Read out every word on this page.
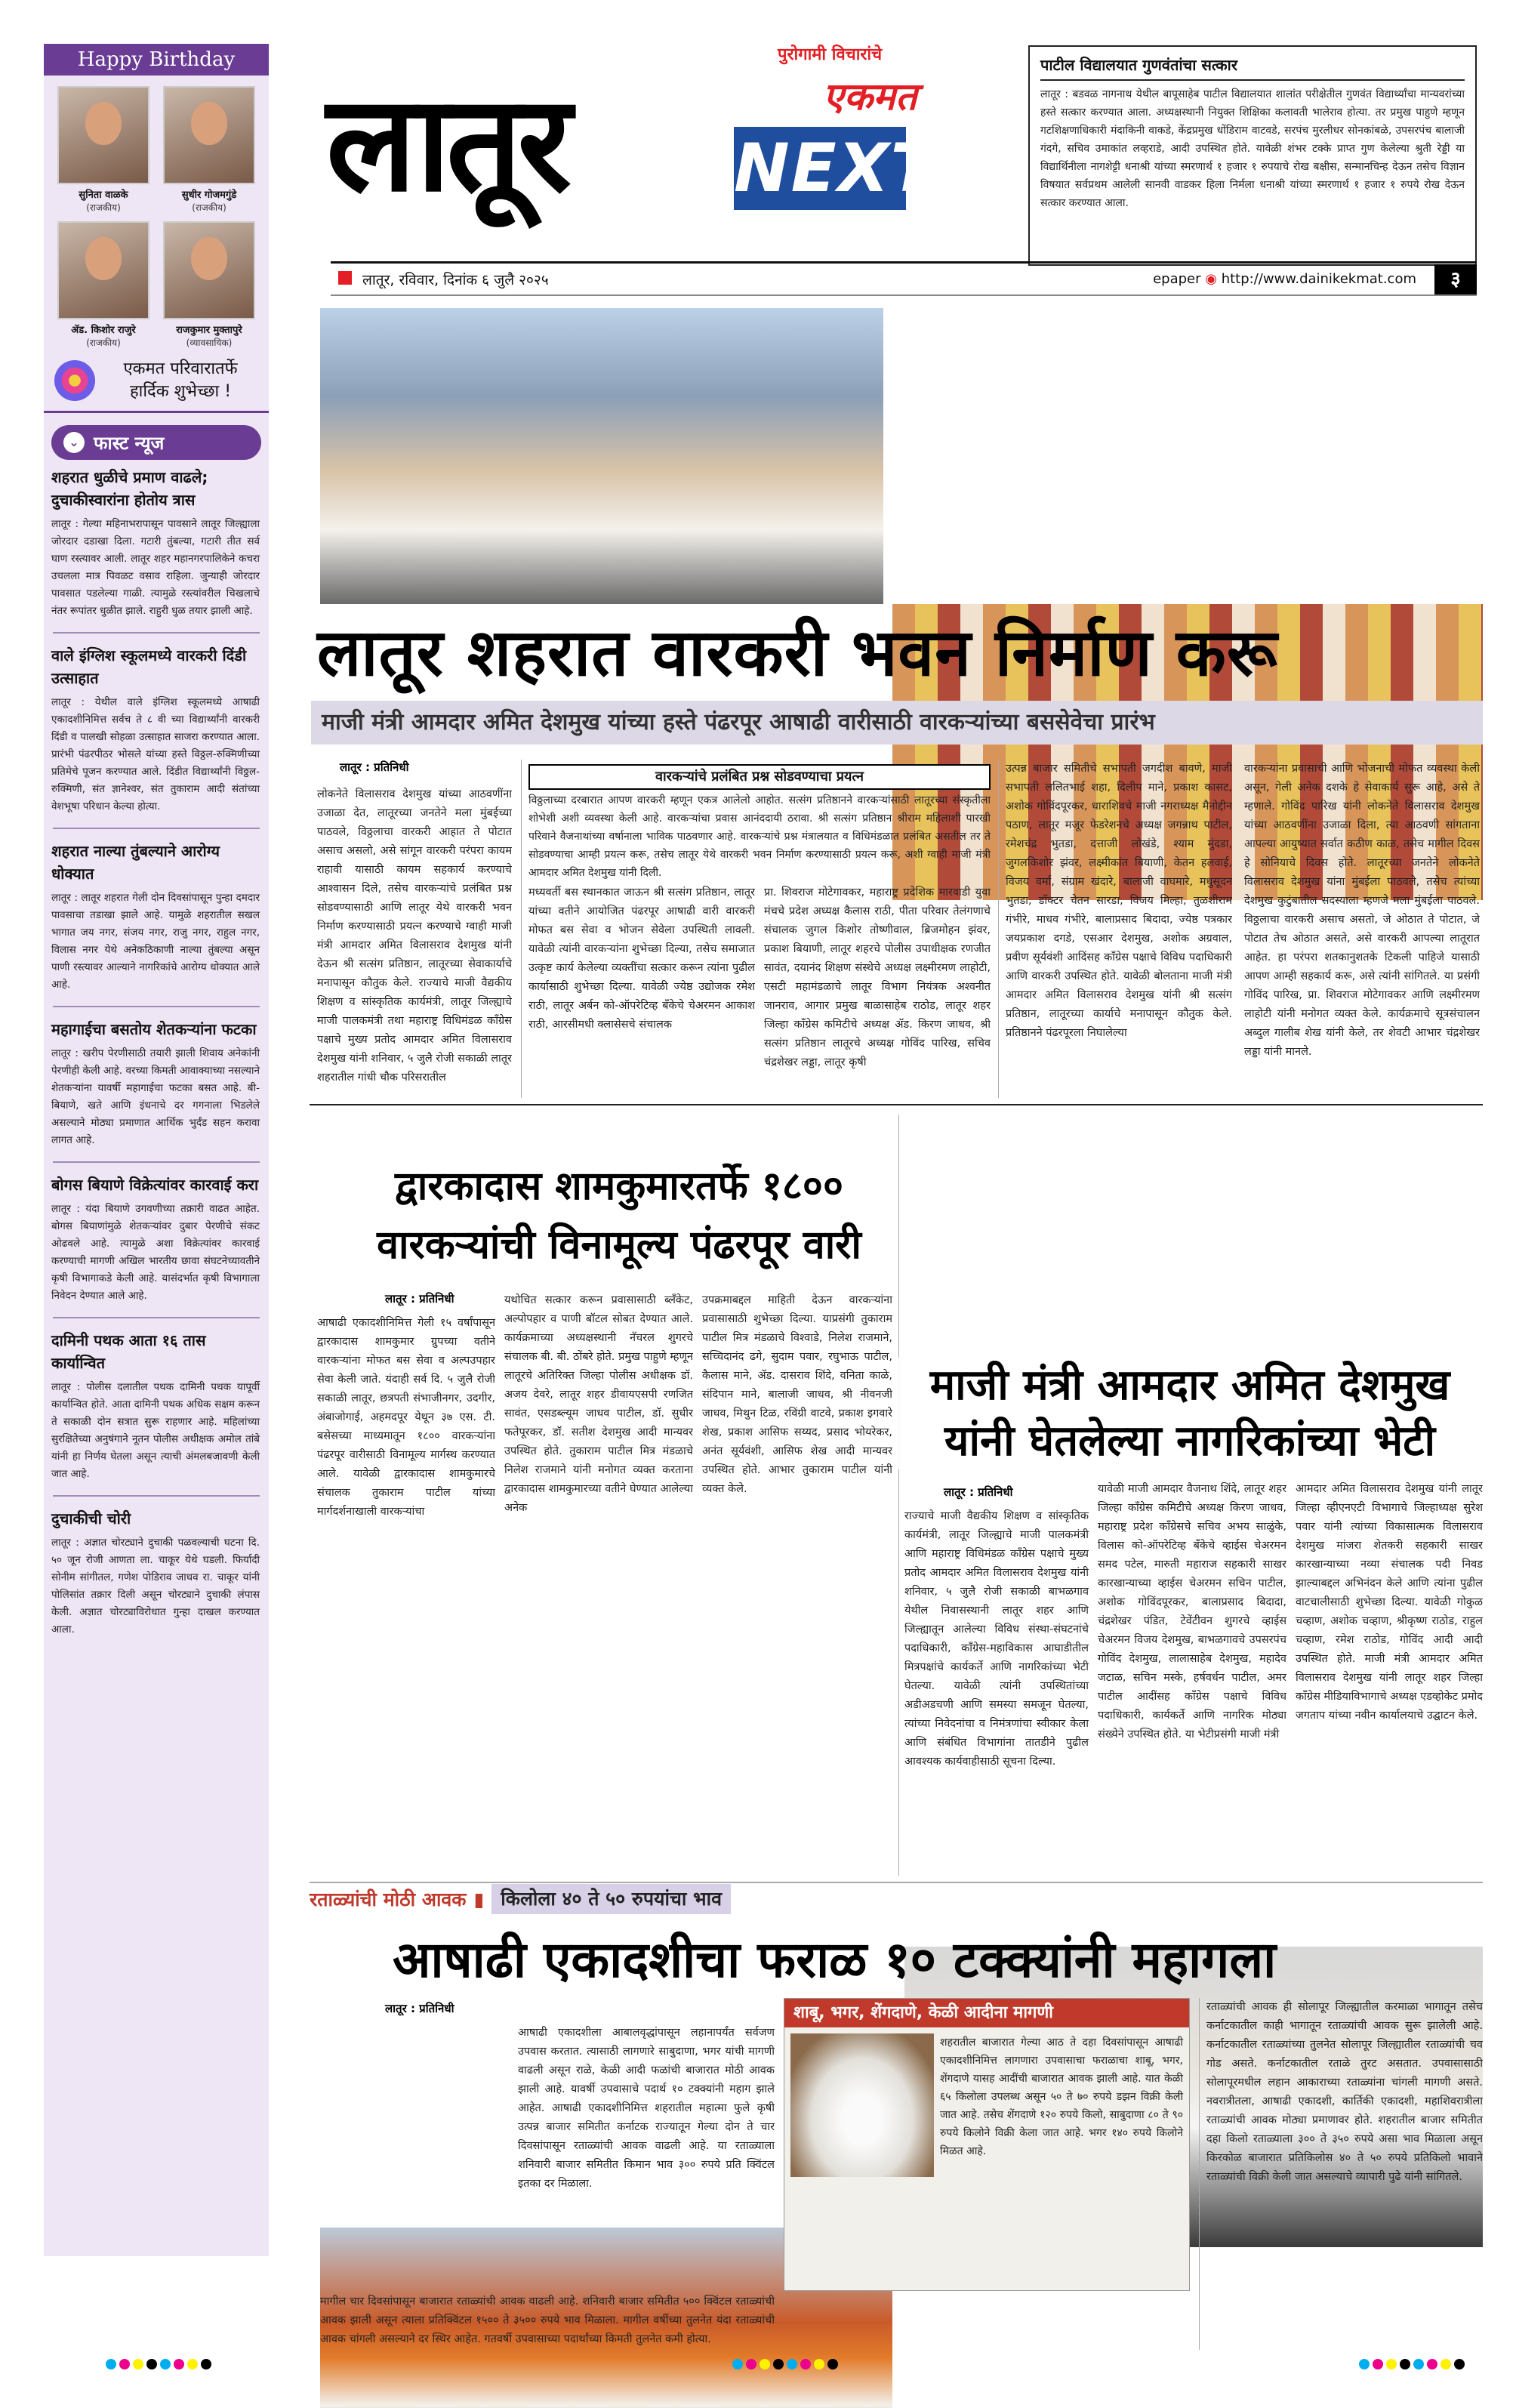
Happy Birthday
सुनिता वाळके
(राजकीय)
सुधीर गोजमगुंडे
(राजकीय)
ॲड. किशोर राजुरे
(राजकीय)
राजकुमार मुक्तापुरे
(व्यावसायिक)
एकमत परिवारातर्फे हार्दिक शुभेच्छा !
⌄ फास्ट न्यूज
शहरात धुळीचे प्रमाण वाढले; दुचाकीस्वारांना होतोय त्रास
लातूर : गेल्या महिनाभरापासून पावसाने लातूर जिल्ह्याला जोरदार दडाखा दिला. गटारी तुंबल्या, गटारी तीत सर्व घाण रस्त्यावर आली. लातूर शहर महानगरपालिकेने कचरा उचलला मात्र पिवळट वसाव राहिला. जुन्याही जोरदार पावसात पडलेल्या गाळी. त्यामुळे रस्त्यांवरील चिखलाचे नंतर रूपांतर धुळीत झाले. राहुरी धुळ तयार झाली आहे.
वाले इंग्लिश स्कूलमध्ये वारकरी दिंडी उत्साहात
लातूर : येथील वाले इंग्लिश स्कूलमध्ये आषाढी एकादशीनिमित्त सर्वच ते ८ वी च्या विद्यार्थ्यांनी वारकरी दिंडी व पालखी सोहळा उत्साहात साजरा करण्यात आला. प्रारंभी पंढरपीठर भोसले यांच्या हस्ते विठ्ठल-रुक्मिणीच्या प्रतिमेचे पूजन करण्यात आले. दिंडीत विद्यार्थ्यांनी विठ्ठल-रुक्मिणी, संत ज्ञानेश्वर, संत तुकाराम आदी संतांच्या वेशभूषा परिधान केल्या होत्या.
शहरात नाल्या तुंबल्याने आरोग्य धोक्यात
लातूर : लातूर शहरात गेली दोन दिवसांपासून पुन्हा दमदार पावसाचा तडाखा झाले आहे. यामुळे शहरातील सखल भागात जय नगर, संजय नगर, राजु नगर, राहुल नगर, विलास नगर येथे अनेकठिकाणी नाल्या तुंबल्या असून पाणी रस्त्यावर आल्याने नागरिकांचे आरोग्य धोक्यात आले आहे.
महागाईचा बसतोय शेतकऱ्यांना फटका
लातूर : खरीप पेरणीसाठी तयारी झाली शिवाय अनेकांनी पेरणीही केली आहे. वरच्या किमती आवाक्याच्या नसल्याने शेतकऱ्यांना यावर्षी महागाईचा फटका बसत आहे. बी-बियाणे, खते आणि इंधनाचे दर गगनाला भिडलेले असल्याने मोठ्या प्रमाणात आर्थिक भुर्दंड सहन करावा लागत आहे.
बोगस बियाणे विक्रेत्यांवर कारवाई करा
लातूर : यंदा बियाणे उगवणीच्या तक्रारी वाढत आहेत. बोगस बियाणांमुळे शेतकऱ्यांवर दुबार पेरणीचे संकट ओढवले आहे. त्यामुळे अशा विक्रेत्यांवर कारवाई करण्याची मागणी अखिल भारतीय छावा संघटनेच्यावतीने कृषी विभागाकडे केली आहे. यासंदर्भात कृषी विभागाला निवेदन देण्यात आले आहे.
दामिनी पथक आता १६ तास कार्यान्वित
लातूर : पोलीस दलातील पथक दामिनी पथक यापूर्वी कार्यान्वित होते. आता दामिनी पथक अधिक सक्षम करून ते सकाळी दोन सत्रात सुरू राहणार आहे. महिलांच्या सुरक्षितेच्या अनुषंगाने नूतन पोलीस अधीक्षक अमोल तांबे यांनी हा निर्णय घेतला असून त्याची अंमलबजावणी केली जात आहे.
दुचाकीची चोरी
लातूर : अज्ञात चोरट्याने दुचाकी पळवल्याची घटना दि. ५० जून रोजी आणता ला. चाकूर येथे घडली. फिर्यादी सोनीम सांगीतल, गणेश पोडिराव जाधव रा. चाकूर यांनी पोलिसांत तक्रार दिली असून चोरट्याने दुचाकी लंपास केली. अज्ञात चोरट्याविरोधात गुन्हा दाखल करण्यात आला.
लातूर
पुरोगामी विचारांचे
एकमत
NEXT
पाटील विद्यालयात गुणवंतांचा सत्कार
लातूर : बडवळ नागनाथ येथील बापूसाहेब पाटील विद्यालयात शालांत परीक्षेतील गुणवंत विद्यार्थ्यांचा मान्यवरांच्या हस्ते सत्कार करण्यात आला. अध्यक्षस्थानी नियुक्त शिक्षिका कलावती भालेराव होत्या. तर प्रमुख पाहुणे म्हणून गटशिक्षणाधिकारी मंदाकिनी वाकडे, केंद्रप्रमुख धोंडिराम वाटवडे, सरपंच मुरलीधर सोनकांबळे, उपसरपंच बालाजी गंदगे, सचिव उमाकांत लव्हराडे, आदी उपस्थित होते. यावेळी शंभर टक्के प्राप्त गुण केलेल्या श्रुती रेड्डी या विद्यार्थिनीला नागशेट्टी धनाश्री यांच्या स्मरणार्थ १ हजार १ रुपयाचे रोख बक्षीस, सन्मानचिन्ह देऊन तसेच विज्ञान विषयात सर्वप्रथम आलेली सानवी वाडकर हिला निर्मला धनाश्री यांच्या स्मरणार्थ १ हजार १ रुपये रोख देऊन सत्कार करण्यात आला.
लातूर, रविवार, दिनांक ६ जुलै २०२५	epaper ◉ http://www.dainikekmat.com	३
लातूर शहरात वारकरी भवन निर्माण करू
माजी मंत्री आमदार अमित देशमुख यांच्या हस्ते पंढरपूर आषाढी वारीसाठी वारकऱ्यांच्या बससेवेचा प्रारंभ
लातूर : प्रतिनिधी
लोकनेते विलासराव देशमुख यांच्या आठवणींना उजाळा देत, लातूरच्या जनतेने मला मुंबईच्या पाठवले, विठ्ठलाचा वारकरी आहात ते पोटात असाच असलो, असे सांगून वारकरी परंपरा कायम राहावी यासाठी कायम सहकार्य करण्याचे आश्वासन दिले, तसेच वारकऱ्यांचे प्रलंबित प्रश्न सोडवण्यासाठी आणि लातूर येथे वारकरी भवन निर्माण करण्यासाठी प्रयत्न करण्याचे ग्वाही माजी मंत्री आमदार अमित विलासराव देशमुख यांनी देऊन श्री सत्संग प्रतिष्ठान, लातूरच्या सेवाकार्याचे मनापासून कौतुक केले. राज्याचे माजी वैद्यकीय शिक्षण व सांस्कृतिक कार्यमंत्री, लातूर जिल्ह्याचे माजी पालकमंत्री तथा महाराष्ट्र विधिमंडळ काँग्रेस पक्षाचे मुख्य प्रतोद आमदार अमित विलासराव देशमुख यांनी शनिवार, ५ जुलै रोजी सकाळी लातूर शहरातील गांधी चौक परिसरातील
वारकऱ्यांचे प्रलंबित प्रश्न सोडवण्याचा प्रयत्न
विठ्ठलाच्या दरबारात आपण वारकरी म्हणून एकत्र आलेलो आहोत. सत्संग प्रतिष्ठानने वारकऱ्यांसाठी लातूरच्या संस्कृतीला शोभेशी अशी व्यवस्था केली आहे. वारकऱ्यांचा प्रवास आनंददायी ठरावा. श्री सत्संग प्रतिष्ठान श्रीराम महिलाशी पारखी परिवाने वैजनाथांच्या वर्षानाला भाविक पाठवणार आहे. वारकऱ्यांचे प्रश्न मंत्रालयात व विधिमंडळात प्रलंबित असतील तर ते सोडवण्याचा आम्ही प्रयत्न करू, तसेच लातूर येथे वारकरी भवन निर्माण करण्यासाठी प्रयत्न करू, अशी ग्वाही माजी मंत्री आमदार अमित देशमुख यांनी दिली.
मध्यवर्ती बस स्थानकात जाऊन श्री सत्संग प्रतिष्ठान, लातूर यांच्या वतीने आयोजित पंढरपूर आषाढी वारी वारकरी मोफत बस सेवा व भोजन सेवेला उपस्थिती लावली. यावेळी त्यांनी वारकऱ्यांना शुभेच्छा दिल्या, तसेच समाजात उत्कृष्ट कार्य केलेल्या व्यक्तींचा सत्कार करून त्यांना पुढील कार्यासाठी शुभेच्छा दिल्या. यावेळी ज्येष्ठ उद्योजक रमेश राठी, लातूर अर्बन को-ऑपरेटिव्ह बँकेचे चेअरमन आकाश राठी, आरसीमधी क्लासेसचे संचालक
प्रा. शिवराज मोटेगावकर, महाराष्ट्र प्रदेशिक मारवाडी युवा मंचचे प्रदेश अध्यक्ष कैलास राठी, पीता परिवार तेलंगणाचे संचालक जुगल किशोर तोष्णीवाल, ब्रिजमोहन झंवर, प्रकाश बियाणी, लातूर शहरचे पोलीस उपाधीक्षक रणजीत सावंत, दयानंद शिक्षण संस्थेचे अध्यक्ष लक्ष्मीरमण लाहोटी, एसटी महामंडळाचे लातूर विभाग नियंत्रक अश्वनीत जानराव, आगार प्रमुख बाळासाहेब राठोड, लातूर शहर जिल्हा काँग्रेस कमिटीचे अध्यक्ष ॲड. किरण जाधव, श्री सत्संग प्रतिष्ठान लातूरचे अध्यक्ष गोविंद पारिख, सचिव चंद्रशेखर लड्डा, लातूर कृषी
उत्पन्न बाजार समितीचे सभापती जगदीश बावणे, माजी सभापती ललितभाई शहा, दिलीप माने, प्रकाश कासट, अशोक गोविंदपूरकर, धाराशिवचे माजी नगराध्यक्ष मैनोद्दीन पठाण, लातूर मजूर फेडरेशनचे अध्यक्ष जगन्नाथ पाटील, रमेशचंद्र भुतडा, दत्ताजी लोखंडे, श्याम मुंदडा, जुगलकिशोर झंवर, लक्ष्मीकांत बियाणी, केतन हलवाई, विजय वर्मा, संग्राम खंदारे, बालाजी वाघमारे, मधुसूदन भुतडा, डॉक्टर चेतन सारडा, विजय मिल्हा, तुळशीराम गंभीरे, माधव गंभीरे, बालाप्रसाद बिदादा, ज्येष्ठ पत्रकार जयप्रकाश दगडे, एसआर देशमुख, अशोक अग्रवाल, प्रवीण सूर्यवंशी आदिंसह काँग्रेस पक्षाचे विविध पदाधिकारी आणि वारकरी उपस्थित होते. यावेळी बोलताना माजी मंत्री आमदार अमित विलासराव देशमुख यांनी श्री सत्संग प्रतिष्ठान, लातूरच्या कार्याचे मनापासून कौतुक केले. प्रतिष्ठानने पंढरपूरला निघालेल्या
वारकऱ्यांना प्रवासाची आणि भोजनाची मोफत व्यवस्था केली असून, गेली अनेक दशके हे सेवाकार्य सुरू आहे, असे ते म्हणाले. गोविंद पारिख यांनी लोकनेते विलासराव देशमुख यांच्या आठवणींना उजाळा दिला, त्या आठवणी सांगताना आपल्या आयुष्यात सर्वात कठीण काळ, तसेच मागील दिवस हे सोनियाचे दिवस होते. लातूरच्या जनतेने लोकनेते विलासराव देशमुख यांना मुंबईला पाठवले, तसेच त्यांच्या देशमुख कुटुंबातील सदस्याला म्हणजे मला मुंबईला पाठवले. विठ्ठलाचा वारकरी असाच असतो, जे ओठात ते पोटात, जे पोटात तेच ओठात असते, असे वारकरी आपल्या लातूरात आहेत. हा परंपरा शतकानुशतके टिकली पाहिजे यासाठी आपण आम्ही सहकार्य करू, असे त्यांनी सांगितले. या प्रसंगी गोविंद पारिख, प्रा. शिवराज मोटेगावकर आणि लक्ष्मीरमण लाहोटी यांनी मनोगत व्यक्त केले. कार्यक्रमाचे सूत्रसंचालन अब्दुल गालीब शेख यांनी केले, तर शेवटी आभार चंद्रशेखर लड्डा यांनी मानले.
द्वारकादास शामकुमारतर्फे १८००
वारकऱ्यांची विनामूल्य पंढरपूर वारी
लातूर : प्रतिनिधी
आषाढी एकादशीनिमित्त गेली १५ वर्षांपासून द्वारकादास शामकुमार ग्रुपच्या वतीने वारकऱ्यांना मोफत बस सेवा व अल्पउपहार सेवा केली जाते. यंदाही सर्व दि. ५ जुलै रोजी सकाळी लातूर, छत्रपती संभाजीनगर, उदगीर, अंबाजोगाई, अहमदपूर येथून ३७ एस. टी. बसेसच्या माध्यमातून १८०० वारकऱ्यांना पंढरपूर वारीसाठी विनामूल्य मार्गस्थ करण्यात आले. यावेळी द्वारकादास शामकुमारचे संचालक तुकाराम पाटील यांच्या मार्गदर्शनाखाली वारकऱ्यांचा
यथोचित सत्कार करून प्रवासासाठी ब्लँकेट, अल्पोपहार व पाणी बॉटल सोबत देण्यात आले. कार्यक्रमाच्या अध्यक्षस्थानी नॅचरल शुगरचे संचालक बी. बी. ठोंबरे होते. प्रमुख पाहुणे म्हणून लातूरचे अतिरिक्त जिल्हा पोलीस अधीक्षक डॉ. अजय देवरे, लातूर शहर डीवायएसपी रणजित सावंत, एसडब्ल्यूम जाधव पाटील, डॉ. सुधीर फतेपूरकर, डॉ. सतीश देशमुख आदी मान्यवर उपस्थित होते. तुकाराम पाटील मित्र मंडळाचे निलेश राजमाने यांनी मनोगत व्यक्त करताना द्वारकादास शामकुमारच्या वतीने घेण्यात आलेल्या अनेक
उपक्रमाबद्दल माहिती देऊन वारकऱ्यांना प्रवासासाठी शुभेच्छा दिल्या. याप्रसंगी तुकाराम पाटील मित्र मंडळाचे विश्वाडे, निलेश राजमाने, सच्चिदानंद ढगे, सुदाम पवार, रघुभाऊ पाटील, कैलास माने, ॲड. दासराव शिंदे, वनिता काळे, संदिपान माने, बालाजी जाधव, श्री नीवनजी जाधव, मिथुन टिळ, रविंग्री वाटवे, प्रकाश इगवारे शेख, प्रकाश आसिफ सय्यद, प्रसाद भोयरेकर, अनंत सूर्यवंशी, आसिफ शेख आदी मान्यवर उपस्थित होते. आभार तुकाराम पाटील यांनी व्यक्त केले.
माजी मंत्री आमदार अमित देशमुख
यांनी घेतलेल्या नागरिकांच्या भेटी
लातूर : प्रतिनिधी
राज्याचे माजी वैद्यकीय शिक्षण व सांस्कृतिक कार्यमंत्री, लातूर जिल्ह्याचे माजी पालकमंत्री आणि महाराष्ट्र विधिमंडळ काँग्रेस पक्षाचे मुख्य प्रतोद आमदार अमित विलासराव देशमुख यांनी शनिवार, ५ जुलै रोजी सकाळी बाभळगाव येथील निवासस्थानी लातूर शहर आणि जिल्ह्यातून आलेल्या विविध संस्था-संघटनांचे पदाधिकारी, काँग्रेस-महाविकास आघाडीतील मित्रपक्षांचे कार्यकर्ते आणि नागरिकांच्या भेटी घेतल्या. यावेळी त्यांनी उपस्थितांच्या अडीअडचणी आणि समस्या समजून घेतल्या, त्यांच्या निवेदनांचा व निमंत्रणांचा स्वीकार केला आणि संबंधित विभागांना तातडीने पुढील आवश्यक कार्यवाहीसाठी सूचना दिल्या.
यावेळी माजी आमदार वैजनाथ शिंदे, लातूर शहर जिल्हा काँग्रेस कमिटीचे अध्यक्ष किरण जाधव, महाराष्ट्र प्रदेश काँग्रेसचे सचिव अभय साळुंके, विलास को-ऑपरेटिव्ह बँकेचे व्हाईस चेअरमन समद पटेल, मारुती महाराज सहकारी साखर कारखान्याच्या व्हाईस चेअरमन सचिन पाटील, अशोक गोविंदपूरकर, बालाप्रसाद बिदादा, चंद्रशेखर पंडित, टेवेंटीवन शुगरचे व्हाईस चेअरमन विजय देशमुख, बाभळगावचे उपसरपंच गोविंद देशमुख, लालासाहेब देशमुख, महादेव जटाळ, सचिन मस्के, हर्षवर्धन पाटील, अमर पाटील आदींसह काँग्रेस पक्षाचे विविध पदाधिकारी, कार्यकर्ते आणि नागरिक मोठ्या संख्येने उपस्थित होते. या भेटीप्रसंगी माजी मंत्री
आमदार अमित विलासराव देशमुख यांनी लातूर जिल्हा व्हीएनएटी विभागाचे जिल्हाध्यक्ष सुरेश पवार यांनी त्यांच्या विकासात्मक विलासराव देशमुख मांजरा शेतकरी सहकारी साखर कारखान्याच्या नव्या संचालक पदी निवड झाल्याबद्दल अभिनंदन केले आणि त्यांना पुढील वाटचालीसाठी शुभेच्छा दिल्या. यावेळी गोकुळ चव्हाण, अशोक चव्हाण, श्रीकृष्ण राठोड, राहुल चव्हाण, रमेश राठोड, गोविंद आदी आदी उपस्थित होते. माजी मंत्री आमदार अमित विलासराव देशमुख यांनी लातूर शहर जिल्हा काँग्रेस मीडियाविभागाचे अध्यक्ष एडव्होकेट प्रमोद जगताप यांच्या नवीन कार्यालयाचे उद्घाटन केले.
रताळ्यांची मोठी आवक ▮ किलोला ४० ते ५० रुपयांचा भाव
आषाढी एकादशीचा फराळ १० टक्क्यांनी महागला
लातूर : प्रतिनिधी
आषाढी एकादशीला आबालवृद्धांपासून लहानापर्यंत सर्वजण उपवास करतात. त्यासाठी लागणारे साबुदाणा, भगर यांची मागणी वाढली असून राळे, केळी आदी फळांची बाजारात मोठी आवक झाली आहे. यावर्षी उपवासाचे पदार्थ १० टक्क्यांनी महाग झाले आहेत. आषाढी एकादशीनिमित्त शहरातील महात्मा फुले कृषी उत्पन्न बाजार समितीत कर्नाटक राज्यातून गेल्या दोन ते चार दिवसांपासून रताळ्यांची आवक वाढली आहे. या रताळ्याला शनिवारी बाजार समितीत किमान भाव ३०० रुपये प्रति क्विंटल इतका दर मिळाला.
मागील चार दिवसांपासून बाजारात रताळ्यांची आवक वाढली आहे. शनिवारी बाजार समितीत ५०० क्विंटल रताळ्यांची आवक झाली असून त्याला प्रतिक्विंटल १५०० ते ३५०० रुपये भाव मिळाला. मागील वर्षीच्या तुलनेत यंदा रताळ्यांची आवक चांगली असल्याने दर स्थिर आहेत. गतवर्षी उपवासाच्या पदार्थांच्या किमती तुलनेत कमी होत्या.
शाबू, भगर, शेंगदाणे, केळी आदीना मागणी
शहरातील बाजारात गेल्या आठ ते दहा दिवसांपासून आषाढी एकादशीनिमित्त लागणारा उपवासाचा फराळाचा शाबू, भगर, शेंगदाणे यासह आदींची बाजारात आवक झाली आहे. यात केळी ६५ किलोला उपलब्ध असून ५० ते ७० रुपये डझन विक्री केली जात आहे. तसेच शेंगदाणे १२० रुपये किलो, साबुदाणा ८० ते ९० रुपये किलोने विक्री केला जात आहे. भगर १४० रुपये किलोने मिळत आहे.
रताळ्यांची आवक ही सोलापूर जिल्ह्यातील करमाळा भागातून तसेच कर्नाटकातील काही भागातून रताळ्यांची आवक सुरू झालेली आहे. कर्नाटकातील रताळ्यांच्या तुलनेत सोलापूर जिल्ह्यातील रताळ्यांची चव गोड असते. कर्नाटकातील रताळे तुरट असतात. उपवासासाठी सोलापूरमधील लहान आकाराच्या रताळ्यांना चांगली मागणी असते. नवरात्रीतला, आषाढी एकादशी, कार्तिकी एकादशी, महाशिवरात्रीला रताळ्यांची आवक मोठ्या प्रमाणावर होते. शहरातील बाजार समितीत दहा किलो रताळ्याला ३०० ते ३५० रुपये असा भाव मिळाला असून किरकोळ बाजारात प्रतिकिलोस ४० ते ५० रुपये प्रतिकिलो भावाने रताळ्यांची विक्री केली जात असल्याचे व्यापारी पुढे यांनी सांगितले.
